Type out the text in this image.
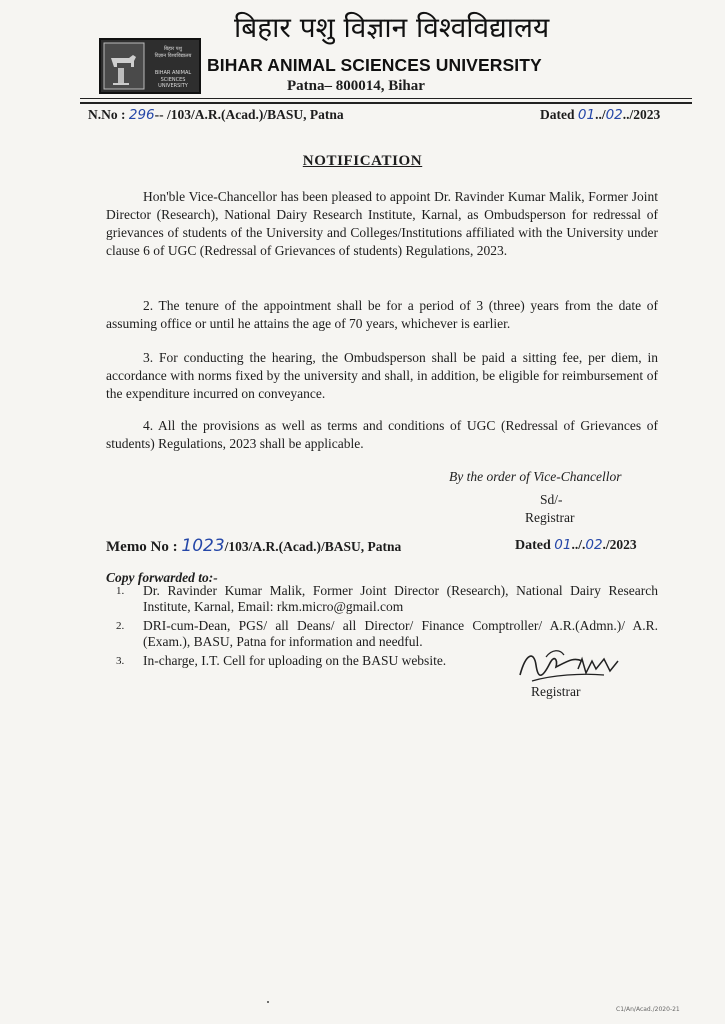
बिहार पशु
विज्ञान विश्वविद्यालय
BIHAR ANIMAL
SCIENCES UNIVERSITY
बिहार पशु विज्ञान विश्वविद्यालय
BIHAR ANIMAL SCIENCES UNIVERSITY
Patna– 800014, Bihar
N.No : 296-- /103/A.R.(Acad.)/BASU, Patna	Dated 01../02../2023
NOTIFICATION

Hon'ble Vice-Chancellor has been pleased to appoint Dr. Ravinder Kumar Malik, Former Joint Director (Research), National Dairy Research Institute, Karnal, as Ombudsperson for redressal of grievances of students of the University and Colleges/Institutions affiliated with the University under clause 6 of UGC (Redressal of Grievances of students) Regulations, 2023.

2. The tenure of the appointment shall be for a period of 3 (three) years from the date of assuming office or until he attains the age of 70 years, whichever is earlier.

3. For conducting the hearing, the Ombudsperson shall be paid a sitting fee, per diem, in accordance with norms fixed by the university and shall, in addition, be eligible for reimbursement of the expenditure incurred on conveyance.

4. All the provisions as well as terms and conditions of UGC (Redressal of Grievances of students) Regulations, 2023 shall be applicable.

By the order of Vice-Chancellor
Sd/-
Registrar
Memo No : 1023/103/A.R.(Acad.)/BASU, Patna	Dated 01../.02./2023
Copy forwarded to:-
1. Dr. Ravinder Kumar Malik, Former Joint Director (Research), National Dairy Research Institute, Karnal, Email: rkm.micro@gmail.com
2. DRI-cum-Dean, PGS/ all Deans/ all Director/ Finance Comptroller/ A.R.(Admn.)/ A.R. (Exam.), BASU, Patna for information and needful.
3. In-charge, I.T. Cell for uploading on the BASU website.
Registrar
C1/An/Acad./2020-21
